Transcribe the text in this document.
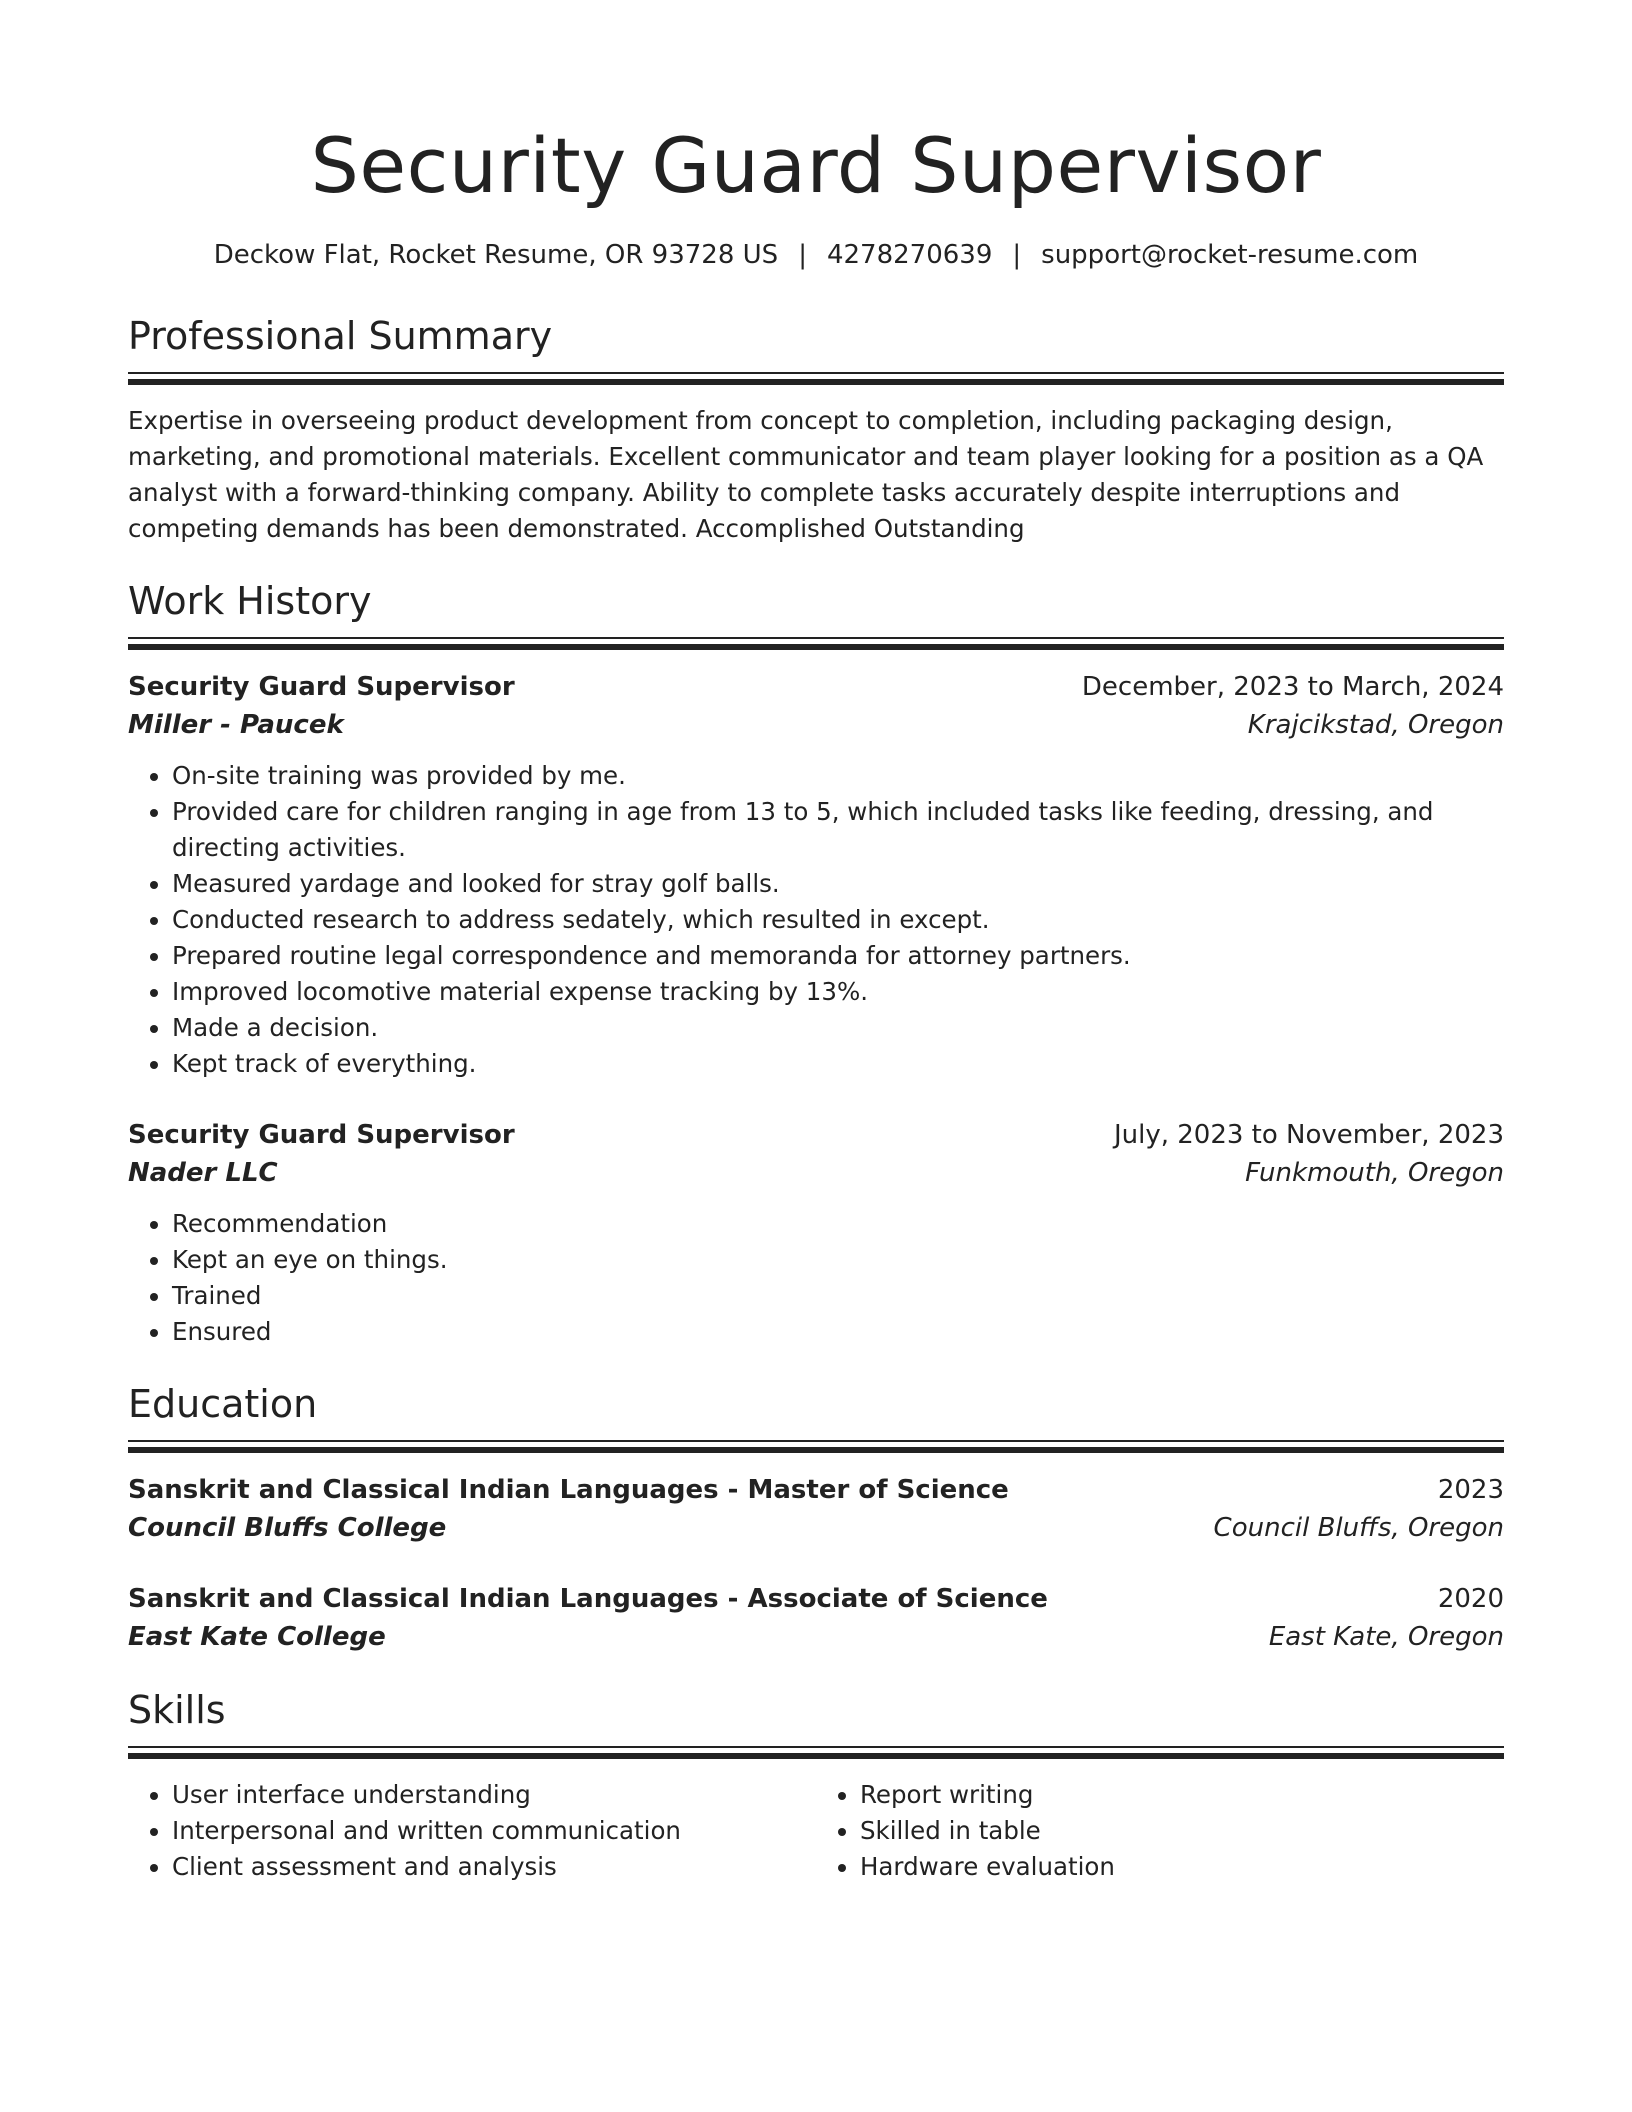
Security Guard Supervisor
Deckow Flat, Rocket Resume, OR 93728 US | 4278270639 | support@rocket-resume.com
Professional Summary

Expertise in overseeing product development from concept to completion, including packaging design, marketing, and promotional materials. Excellent communicator and team player looking for a position as a QA analyst with a forward-thinking company. Ability to complete tasks accurately despite interruptions and competing demands has been demonstrated. Accomplished Outstanding

Work History
Security Guard Supervisor	December, 2023 to March, 2024
Miller - Paucek	Krajcikstad, Oregon
• On-site training was provided by me.
• Provided care for children ranging in age from 13 to 5, which included tasks like feeding, dressing, and directing activities.
• Measured yardage and looked for stray golf balls.
• Conducted research to address sedately, which resulted in except.
• Prepared routine legal correspondence and memoranda for attorney partners.
• Improved locomotive material expense tracking by 13%.
• Made a decision.
• Kept track of everything.
Security Guard Supervisor	July, 2023 to November, 2023
Nader LLC	Funkmouth, Oregon
• Recommendation
• Kept an eye on things.
• Trained
• Ensured
Education
Sanskrit and Classical Indian Languages - Master of Science	2023
Council Bluffs College	Council Bluffs, Oregon
Sanskrit and Classical Indian Languages - Associate of Science	2020
East Kate College	East Kate, Oregon
Skills
• User interface understanding
• Interpersonal and written communication
• Client assessment and analysis
• Report writing
• Skilled in table
• Hardware evaluation
